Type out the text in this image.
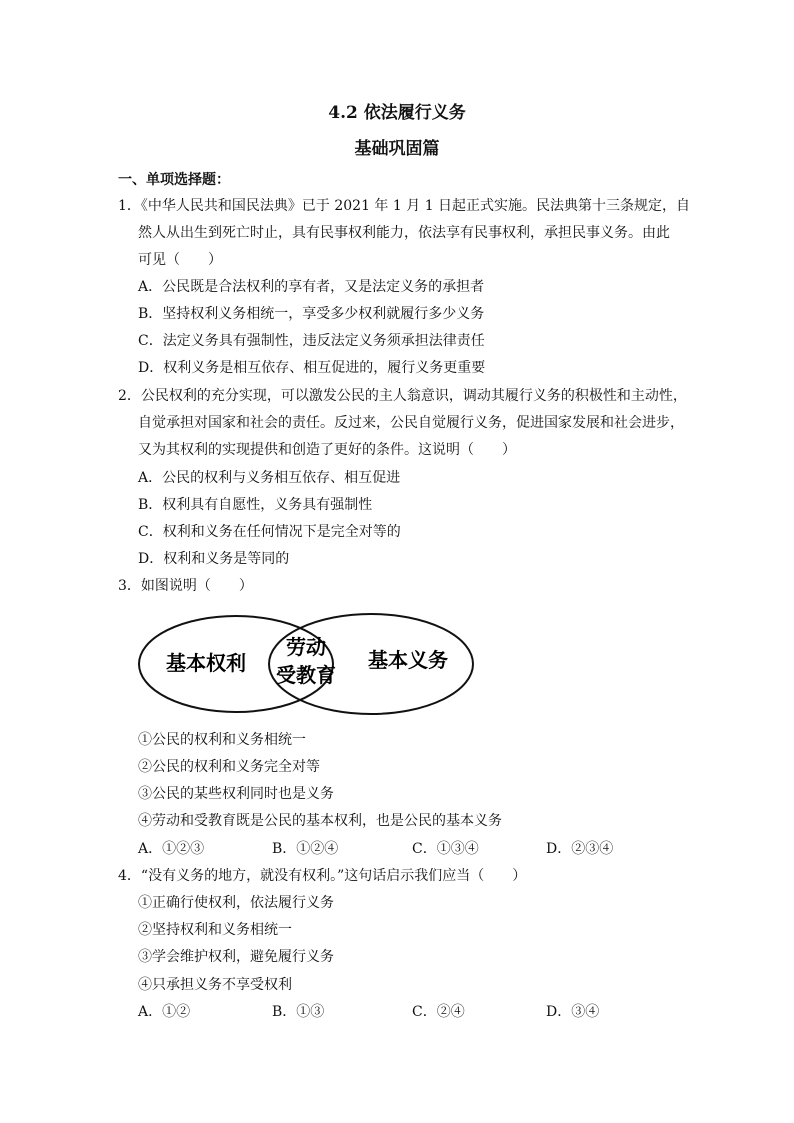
4.2 依法履行义务
基础巩固篇
一、单项选择题：
1．《中华人民共和国民法典》已于 2021 年 1 月 1 日起正式实施。民法典第十三条规定，自
然人从出生到死亡时止，具有民事权利能力，依法享有民事权利，承担民事义务。由此
可见（　　）
A．公民既是合法权利的享有者，又是法定义务的承担者
B．坚持权利义务相统一，享受多少权利就履行多少义务
C．法定义务具有强制性，违反法定义务须承担法律责任
D．权利义务是相互依存、相互促进的，履行义务更重要
2．公民权利的充分实现，可以激发公民的主人翁意识，调动其履行义务的积极性和主动性，
自觉承担对国家和社会的责任。反过来，公民自觉履行义务，促进国家发展和社会进步，
又为其权利的实现提供和创造了更好的条件。这说明（　　）
A．公民的权利与义务相互依存、相互促进
B．权利具有自愿性，义务具有强制性
C．权利和义务在任何情况下是完全对等的
D．权利和义务是等同的
3．如图说明（　　）
基本权利
劳动
受教育
基本义务
①公民的权利和义务相统一
②公民的权利和义务完全对等
③公民的某些权利同时也是义务
④劳动和受教育既是公民的基本权利，也是公民的基本义务
A．①②③	B．①②④	C．①③④	D．②③④
4．“没有义务的地方，就没有权利。”这句话启示我们应当（　　）
①正确行使权利，依法履行义务
②坚持权利和义务相统一
③学会维护权利，避免履行义务
④只承担义务不享受权利
A．①②	B．①③	C．②④	D．③④
